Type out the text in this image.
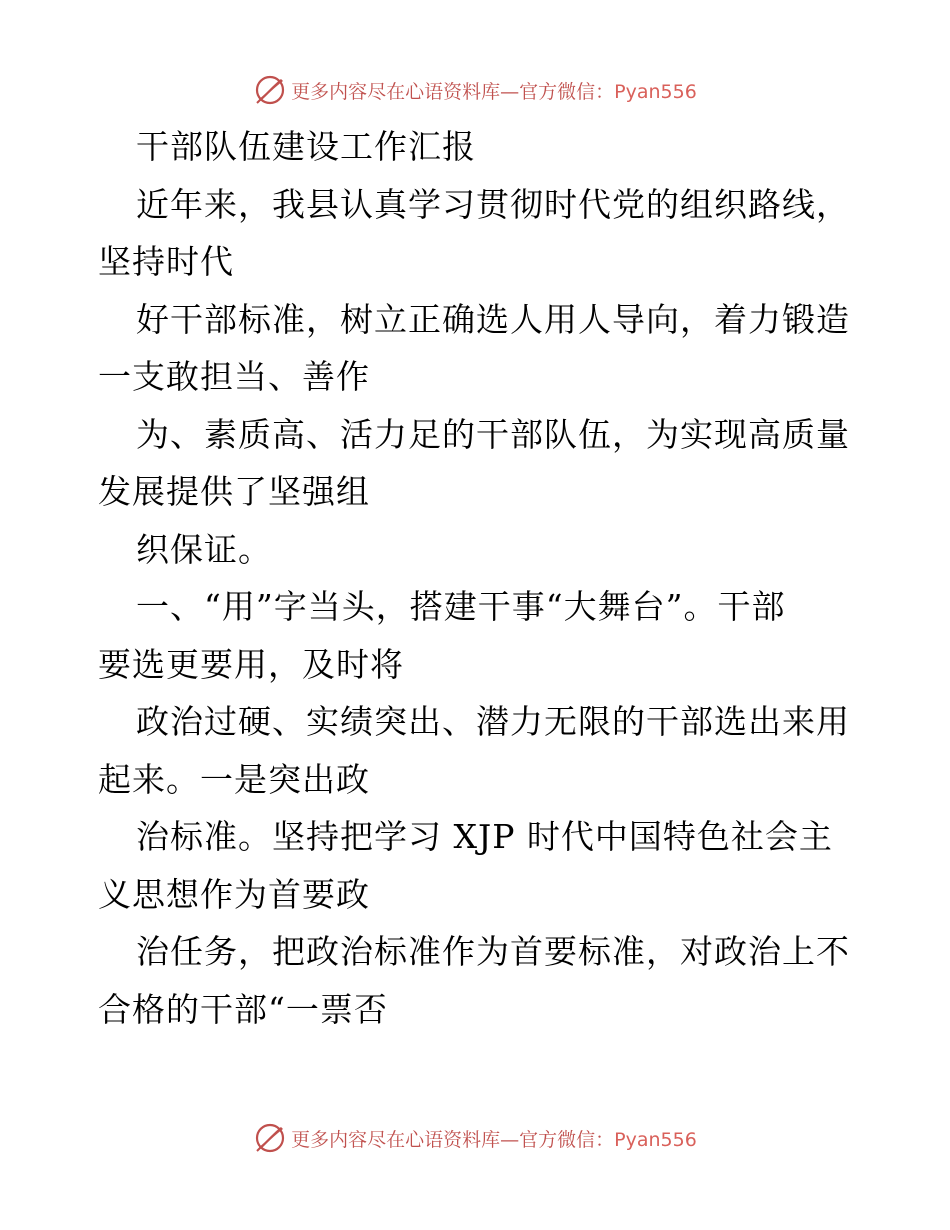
更多内容尽在心语资料库—官方微信：Pyan556
干部队伍建设工作汇报
近年来，我县认真学习贯彻时代党的组织路线，
坚持时代
好干部标准，树立正确选人用人导向，着力锻造
一支敢担当、善作
为、素质高、活力足的干部队伍，为实现高质量
发展提供了坚强组
织保证。
一、“用”字当头，搭建干事“大舞台”。干部
要选更要用，及时将
政治过硬、实绩突出、潜力无限的干部选出来用
起来。一是突出政
治标准。坚持把学习 XJP 时代中国特色社会主
义思想作为首要政
治任务，把政治标准作为首要标准，对政治上不
合格的干部“一票否
更多内容尽在心语资料库—官方微信：Pyan556
